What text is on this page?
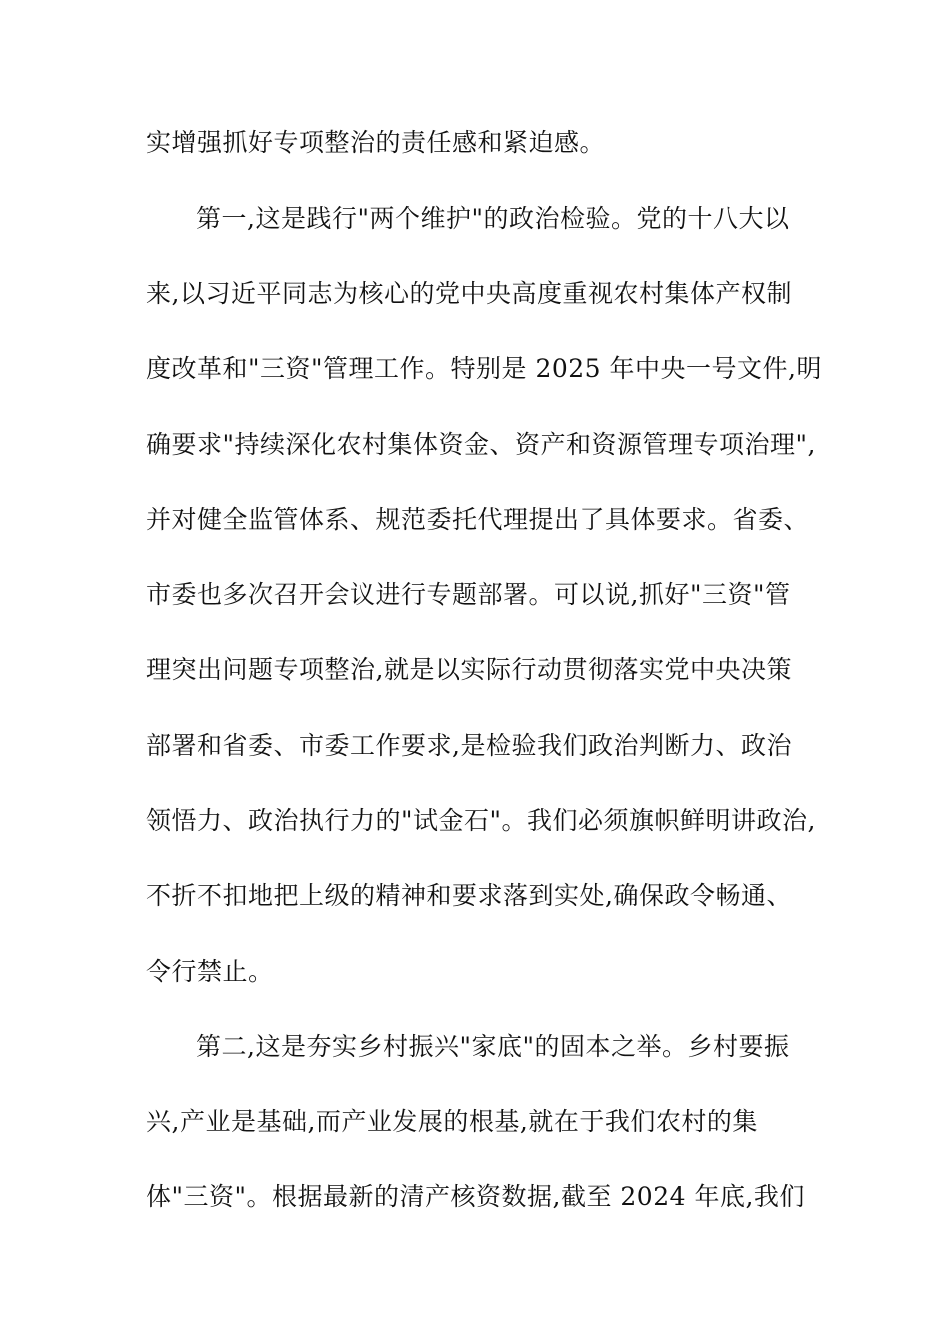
实增强抓好专项整治的责任感和紧迫感。
第一,这是践行"两个维护"的政治检验。党的十八大以
来,以习近平同志为核心的党中央高度重视农村集体产权制
度改革和"三资"管理工作。特别是 2025 年中央一号文件,明
确要求"持续深化农村集体资金、资产和资源管理专项治理",
并对健全监管体系、规范委托代理提出了具体要求。省委、
市委也多次召开会议进行专题部署。可以说,抓好"三资"管
理突出问题专项整治,就是以实际行动贯彻落实党中央决策
部署和省委、市委工作要求,是检验我们政治判断力、政治
领悟力、政治执行力的"试金石"。我们必须旗帜鲜明讲政治,
不折不扣地把上级的精神和要求落到实处,确保政令畅通、
令行禁止。
第二,这是夯实乡村振兴"家底"的固本之举。乡村要振
兴,产业是基础,而产业发展的根基,就在于我们农村的集
体"三资"。根据最新的清产核资数据,截至 2024 年底,我们
